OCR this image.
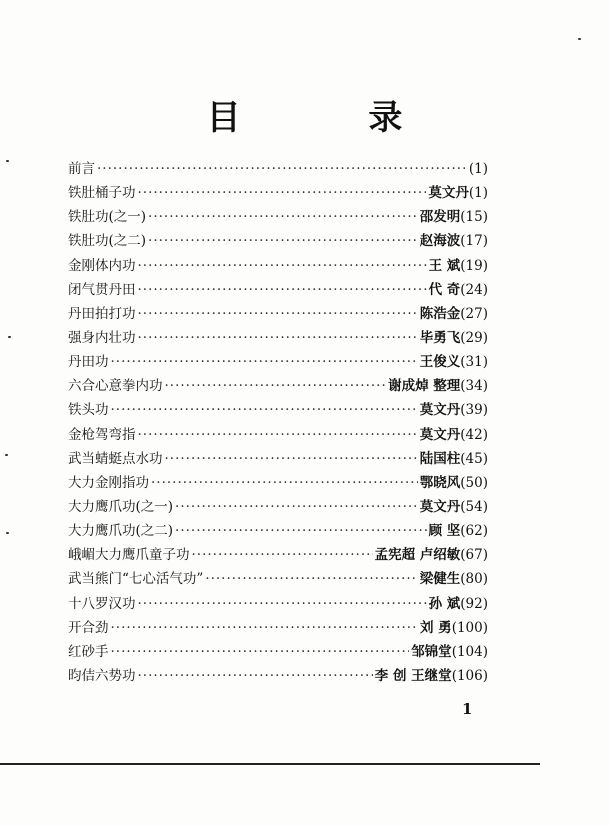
目 录
前言 ·····	(1)
铁肚桶子功 ·····	莫文丹(1)
铁肚功(之一) ·····	邵发明(15)
铁肚功(之二) ·····	赵海波(17)
金刚体内功 ·····	王 斌(19)
闭气贯丹田 ·····	代 奇(24)
丹田拍打功 ·····	陈浩金(27)
强身内壮功 ·····	毕勇飞(29)
丹田功 ·····	王俊义(31)
六合心意拳内功 ·····	谢成焯 整理(34)
铁头功 ·····	莫文丹(39)
金枪驾弯指 ·····	莫文丹(42)
武当蜻蜓点水功 ·····	陆国柱(45)
大力金刚指功 ·····	鄂晓风(50)
大力鹰爪功(之一) ·····	莫文丹(54)
大力鹰爪功(之二) ·····	顾 坚(62)
峨嵋大力鹰爪童子功 ·····	孟宪超 卢绍敏(67)
武当熊门“七心活气功” ·····	梁健生(80)
十八罗汉功 ·····	孙 斌(92)
开合劲 ·····	刘 勇(100)
红砂手 ·····	邹锦堂(104)
昀佶六势功 ·····	李 创 王继堂(106)
1
